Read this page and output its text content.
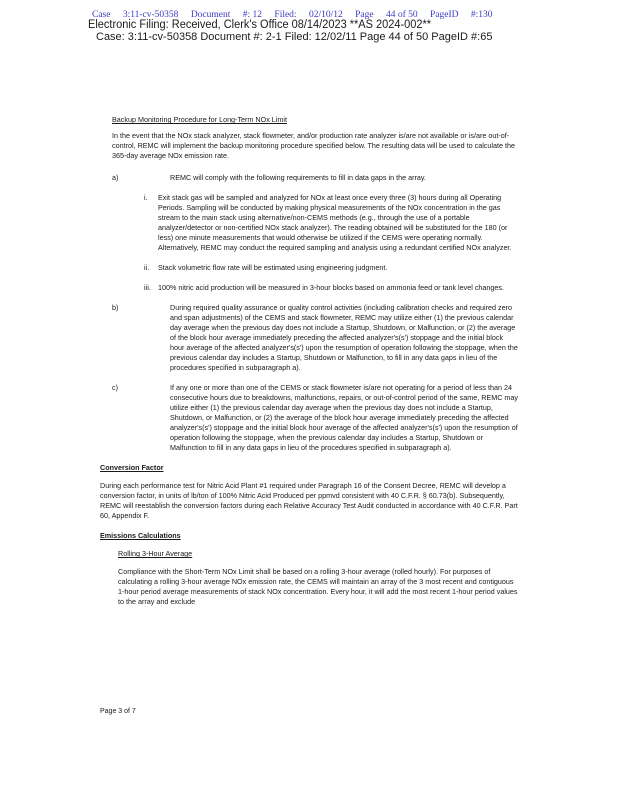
Case 3:11-cv-50358 Document #: 12 Filed: 02/10/12 Page 44 of 50 PageID #:130
Electronic Filing: Received, Clerk's Office 08/14/2023 **AS 2024-002**
Case: 3:11-cv-50358 Document #: 2-1 Filed: 12/02/11 Page 44 of 50 PageID #:65

Backup Monitoring Procedure for Long-Term NOx Limit

In the event that the NOx stack analyzer, stack flowmeter, and/or production rate analyzer is/are not available or is/are out-of-control, REMC will implement the backup monitoring procedure specified below. The resulting data will be used to calculate the 365-day average NOx emission rate.

a)	REMC will comply with the following requirements to fill in data gaps in the array.
i.	Exit stack gas will be sampled and analyzed for NOx at least once every three (3) hours during all Operating Periods. Sampling will be conducted by making physical measurements of the NOx concentration in the gas stream to the main stack using alternative/non-CEMS methods (e.g., through the use of a portable analyzer/detector or non-certified NOx stack analyzer). The reading obtained will be substituted for the 180 (or less) one minute measurements that would otherwise be utilized if the CEMS were operating normally. Alternatively, REMC may conduct the required sampling and analysis using a redundant certified NOx analyzer.
ii.	Stack volumetric flow rate will be estimated using engineering judgment.
iii.	100% nitric acid production will be measured in 3-hour blocks based on ammonia feed or tank level changes.
b)	During required quality assurance or quality control activities (including calibration checks and required zero and span adjustments) of the CEMS and stack flowmeter, REMC may utilize either (1) the previous calendar day average when the previous day does not include a Startup, Shutdown, or Malfunction, or (2) the average of the block hour average immediately preceding the affected analyzer's(s') stoppage and the initial block hour average of the affected analyzer's(s') upon the resumption of operation following the stoppage, when the previous calendar day includes a Startup, Shutdown or Malfunction, to fill in any data gaps in lieu of the procedures specified in subparagraph a).
c)	If any one or more than one of the CEMS or stack flowmeter is/are not operating for a period of less than 24 consecutive hours due to breakdowns, malfunctions, repairs, or out-of-control period of the same, REMC may utilize either (1) the previous calendar day average when the previous day does not include a Startup, Shutdown, or Malfunction, or (2) the average of the block hour average immediately preceding the affected analyzer's(s') stoppage and the initial block hour average of the affected analyzer's(s') upon the resumption of operation following the stoppage, when the previous calendar day includes a Startup, Shutdown or Malfunction to fill in any data gaps in lieu of the procedures specified in subparagraph a).

Conversion Factor

During each performance test for Nitric Acid Plant #1 required under Paragraph 16 of the Consent Decree, REMC will develop a conversion factor, in units of lb/ton of 100% Nitric Acid Produced per ppmvd consistent with 40 C.F.R. § 60.73(b). Subsequently, REMC will reestablish the conversion factors during each Relative Accuracy Test Audit conducted in accordance with 40 C.F.R. Part 60, Appendix F.

Emissions Calculations

Rolling 3-Hour Average

Compliance with the Short-Term NOx Limit shall be based on a rolling 3-hour average (rolled hourly). For purposes of calculating a rolling 3-hour average NOx emission rate, the CEMS will maintain an array of the 3 most recent and contiguous 1-hour period average measurements of stack NOx concentration. Every hour, it will add the most recent 1-hour period values to the array and exclude

Page 3 of 7
